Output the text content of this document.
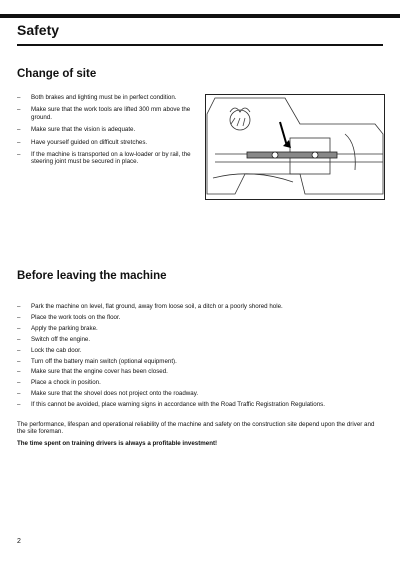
Safety
Change of site
– Both brakes and lighting must be in perfect condition.
– Make sure that the work tools are lifted 300 mm above the ground.
– Make sure that the vision is adequate.
– Have yourself guided on difficult stretches.
– If the machine is transported on a low-loader or by rail, the steering joint must be secured in place.
Before leaving the machine
– Park the machine on level, flat ground, away from loose soil, a ditch or a poorly shored hole.
– Place the work tools on the floor.
– Apply the parking brake.
– Switch off the engine.
– Lock the cab door.
– Turn off the battery main switch (optional equipment).
– Make sure that the engine cover has been closed.
– Place a chock in position.
– Make sure that the shovel does not project onto the roadway.
– If this cannot be avoided, place warning signs in accordance with the Road Traffic Registration Regulations.
The performance, lifespan and operational reliability of the machine and safety on the construction site depend upon the driver and the site foreman.
The time spent on training drivers is always a profitable investment!
2
